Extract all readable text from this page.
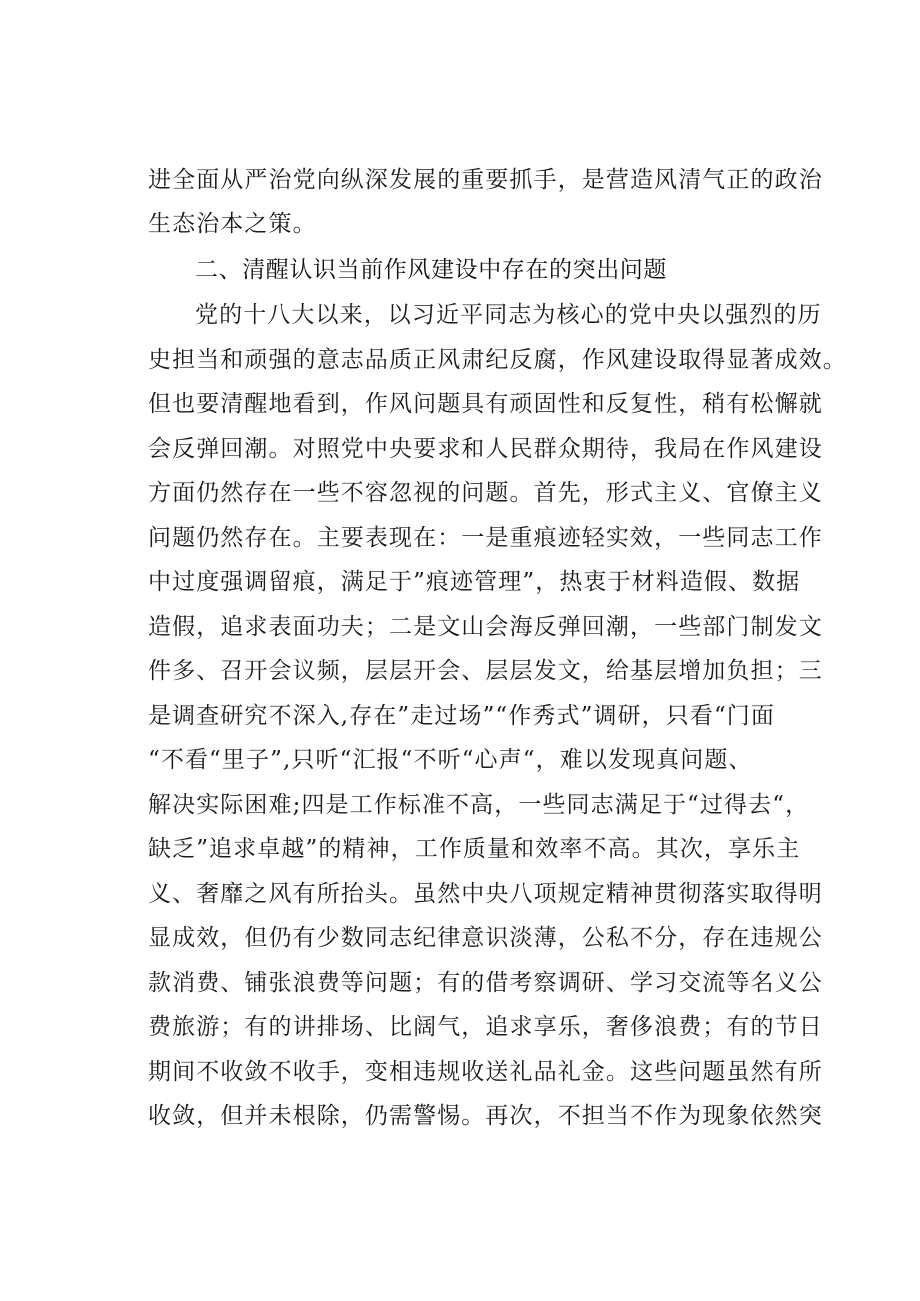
进全面从严治党向纵深发展的重要抓手，是营造风清气正的政治
生态治本之策。
二、清醒认识当前作风建设中存在的突出问题
党的十八大以来，以习近平同志为核心的党中央以强烈的历
史担当和顽强的意志品质正风肃纪反腐，作风建设取得显著成效。
但也要清醒地看到，作风问题具有顽固性和反复性，稍有松懈就
会反弹回潮。对照党中央要求和人民群众期待，我局在作风建设
方面仍然存在一些不容忽视的问题。首先，形式主义、官僚主义
问题仍然存在。主要表现在：一是重痕迹轻实效，一些同志工作
中过度强调留痕，满足于”痕迹管理”，热衷于材料造假、数据
造假，追求表面功夫；二是文山会海反弹回潮，一些部门制发文
件多、召开会议频，层层开会、层层发文，给基层增加负担；三
是调查研究不深入,存在”走过场”“作秀式”调研，只看“门面
“不看“里子”,只听“汇报“不听“心声“，难以发现真问题、
解决实际困难;四是工作标准不高，一些同志满足于“过得去“，
缺乏”追求卓越”的精神，工作质量和效率不高。其次，享乐主
义、奢靡之风有所抬头。虽然中央八项规定精神贯彻落实取得明
显成效，但仍有少数同志纪律意识淡薄，公私不分，存在违规公
款消费、铺张浪费等问题；有的借考察调研、学习交流等名义公
费旅游；有的讲排场、比阔气，追求享乐，奢侈浪费；有的节日
期间不收敛不收手，变相违规收送礼品礼金。这些问题虽然有所
收敛，但并未根除，仍需警惕。再次，不担当不作为现象依然突
